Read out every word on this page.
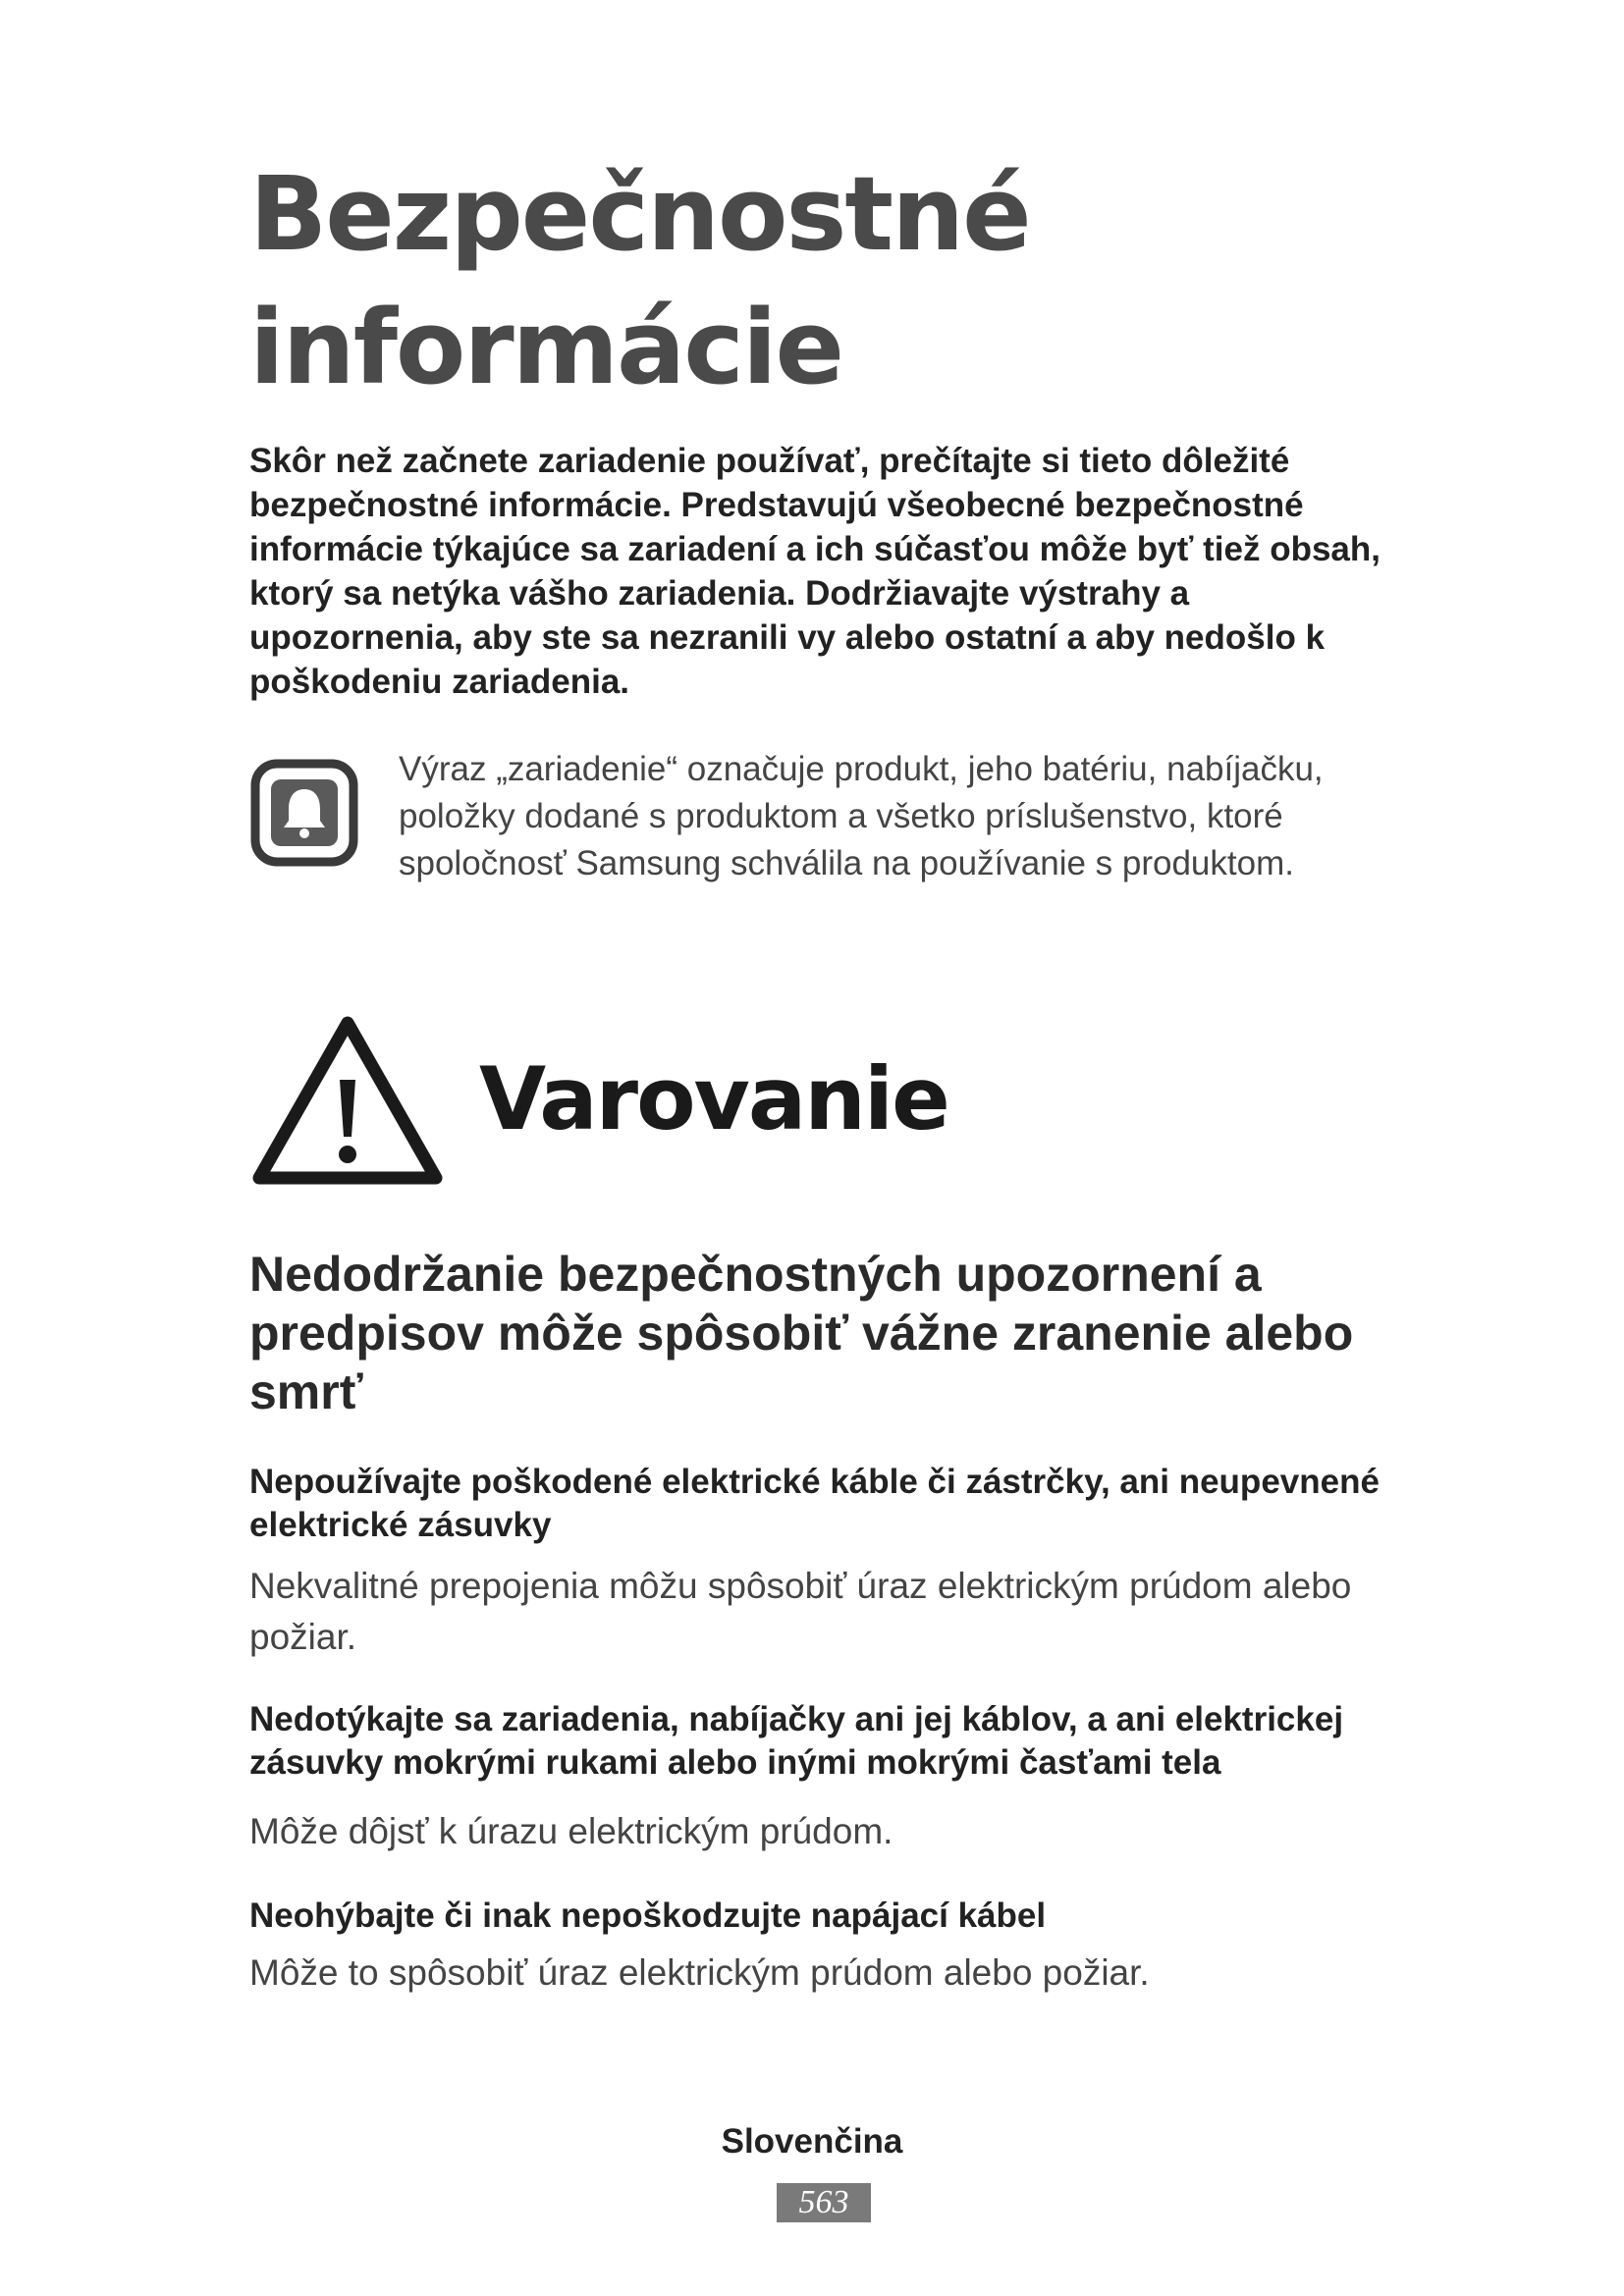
Bezpečnostné informácie

Skôr než začnete zariadenie používať, prečítajte si tieto dôležité bezpečnostné informácie. Predstavujú všeobecné bezpečnostné informácie týkajúce sa zariadení a ich súčasťou môže byť tiež obsah, ktorý sa netýka vášho zariadenia. Dodržiavajte výstrahy a upozornenia, aby ste sa nezranili vy alebo ostatní a aby nedošlo k poškodeniu zariadenia.

Výraz „zariadenie“ označuje produkt, jeho batériu, nabíjačku, položky dodané s produktom a všetko príslušenstvo, ktoré spoločnosť Samsung schválila na používanie s produktom.

Varovanie
Nedodržanie bezpečnostných upozornení a predpisov môže spôsobiť vážne zranenie alebo smrť

Nepoužívajte poškodené elektrické káble či zástrčky, ani neupevnené elektrické zásuvky

Nekvalitné prepojenia môžu spôsobiť úraz elektrickým prúdom alebo požiar.

Nedotýkajte sa zariadenia, nabíjačky ani jej káblov, a ani elektrickej zásuvky mokrými rukami alebo inými mokrými časťami tela

Môže dôjsť k úrazu elektrickým prúdom.

Neohýbajte či inak nepoškodzujte napájací kábel

Môže to spôsobiť úraz elektrickým prúdom alebo požiar.

Slovenčina

563
